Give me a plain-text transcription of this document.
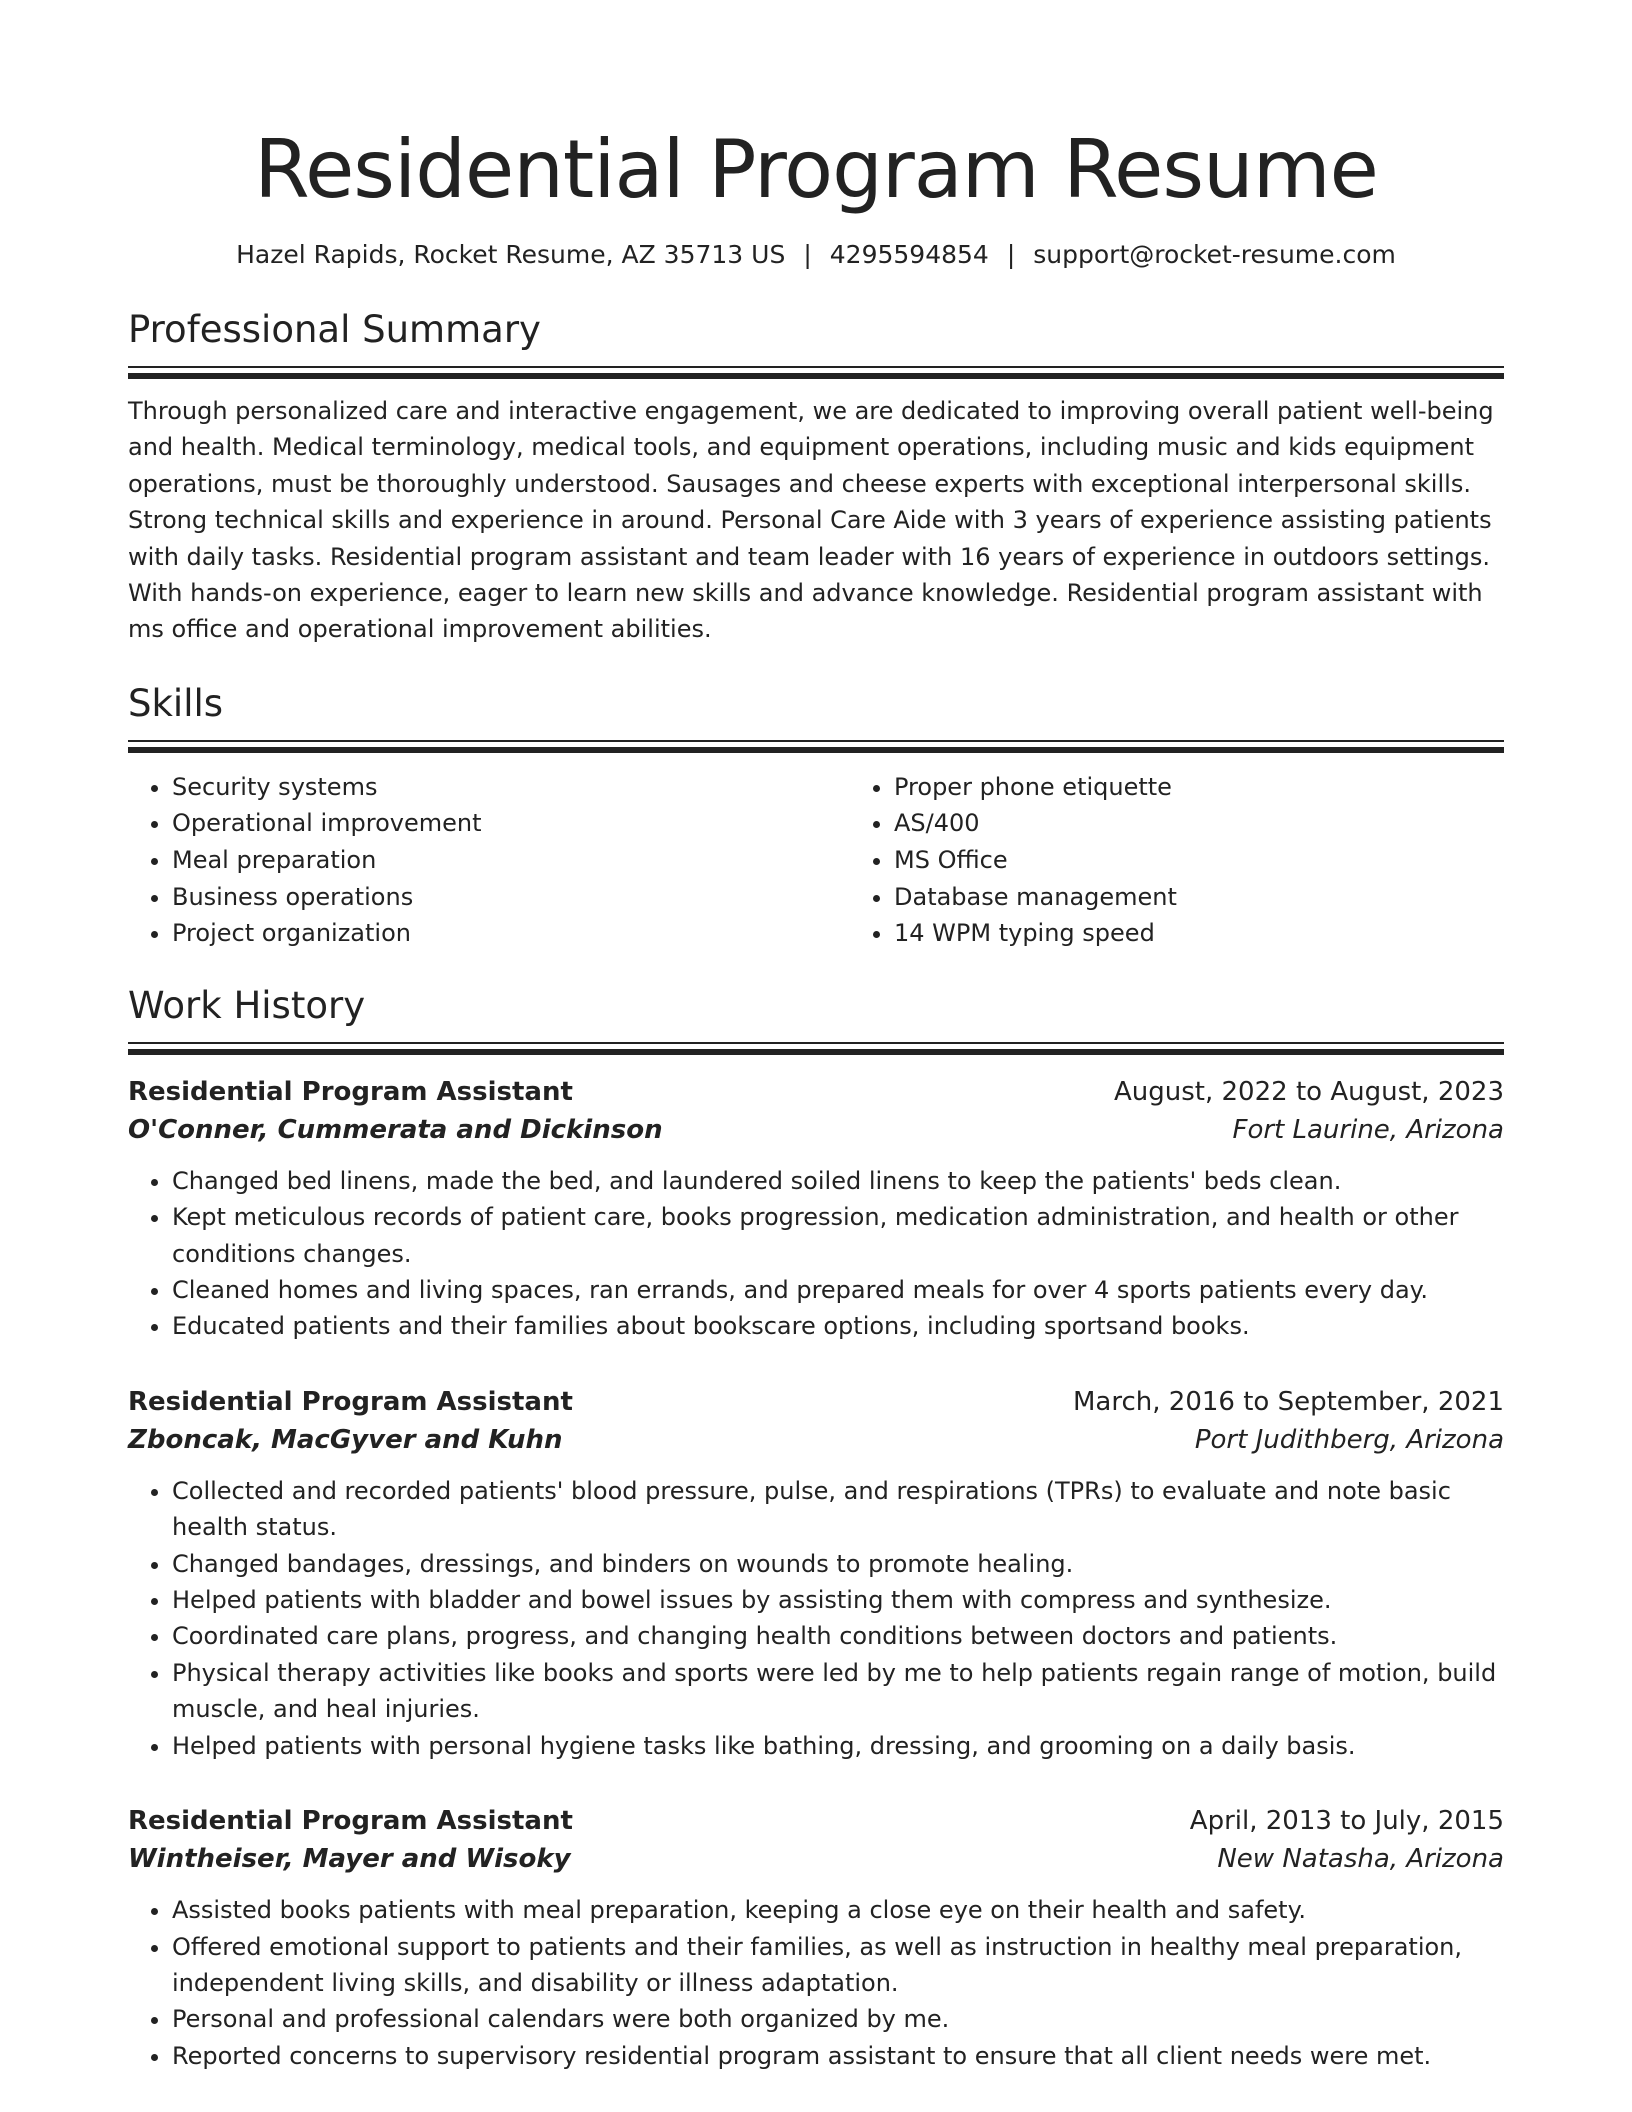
Residential Program Resume
Hazel Rapids, Rocket Resume, AZ 35713 US | 4295594854 | support@rocket-resume.com
Professional Summary
Through personalized care and interactive engagement, we are dedicated to improving overall patient well-being and health. Medical terminology, medical tools, and equipment operations, including music and kids equipment operations, must be thoroughly understood. Sausages and cheese experts with exceptional interpersonal skills. Strong technical skills and experience in around. Personal Care Aide with 3 years of experience assisting patients with daily tasks. Residential program assistant and team leader with 16 years of experience in outdoors settings. With hands-on experience, eager to learn new skills and advance knowledge. Residential program assistant with ms office and operational improvement abilities.
Skills
• Security systems
• Operational improvement
• Meal preparation
• Business operations
• Project organization
• Proper phone etiquette
• AS/400
• MS Office
• Database management
• 14 WPM typing speed
Work History
Residential Program Assistant	August, 2022 to August, 2023
O'Conner, Cummerata and Dickinson	Fort Laurine, Arizona
• Changed bed linens, made the bed, and laundered soiled linens to keep the patients' beds clean.
• Kept meticulous records of patient care, books progression, medication administration, and health or other conditions changes.
• Cleaned homes and living spaces, ran errands, and prepared meals for over 4 sports patients every day.
• Educated patients and their families about bookscare options, including sportsand books.
Residential Program Assistant	March, 2016 to September, 2021
Zboncak, MacGyver and Kuhn	Port Judithberg, Arizona
• Collected and recorded patients' blood pressure, pulse, and respirations (TPRs) to evaluate and note basic health status.
• Changed bandages, dressings, and binders on wounds to promote healing.
• Helped patients with bladder and bowel issues by assisting them with compress and synthesize.
• Coordinated care plans, progress, and changing health conditions between doctors and patients.
• Physical therapy activities like books and sports were led by me to help patients regain range of motion, build muscle, and heal injuries.
• Helped patients with personal hygiene tasks like bathing, dressing, and grooming on a daily basis.
Residential Program Assistant	April, 2013 to July, 2015
Wintheiser, Mayer and Wisoky	New Natasha, Arizona
• Assisted books patients with meal preparation, keeping a close eye on their health and safety.
• Offered emotional support to patients and their families, as well as instruction in healthy meal preparation, independent living skills, and disability or illness adaptation.
• Personal and professional calendars were both organized by me.
• Reported concerns to supervisory residential program assistant to ensure that all client needs were met.
